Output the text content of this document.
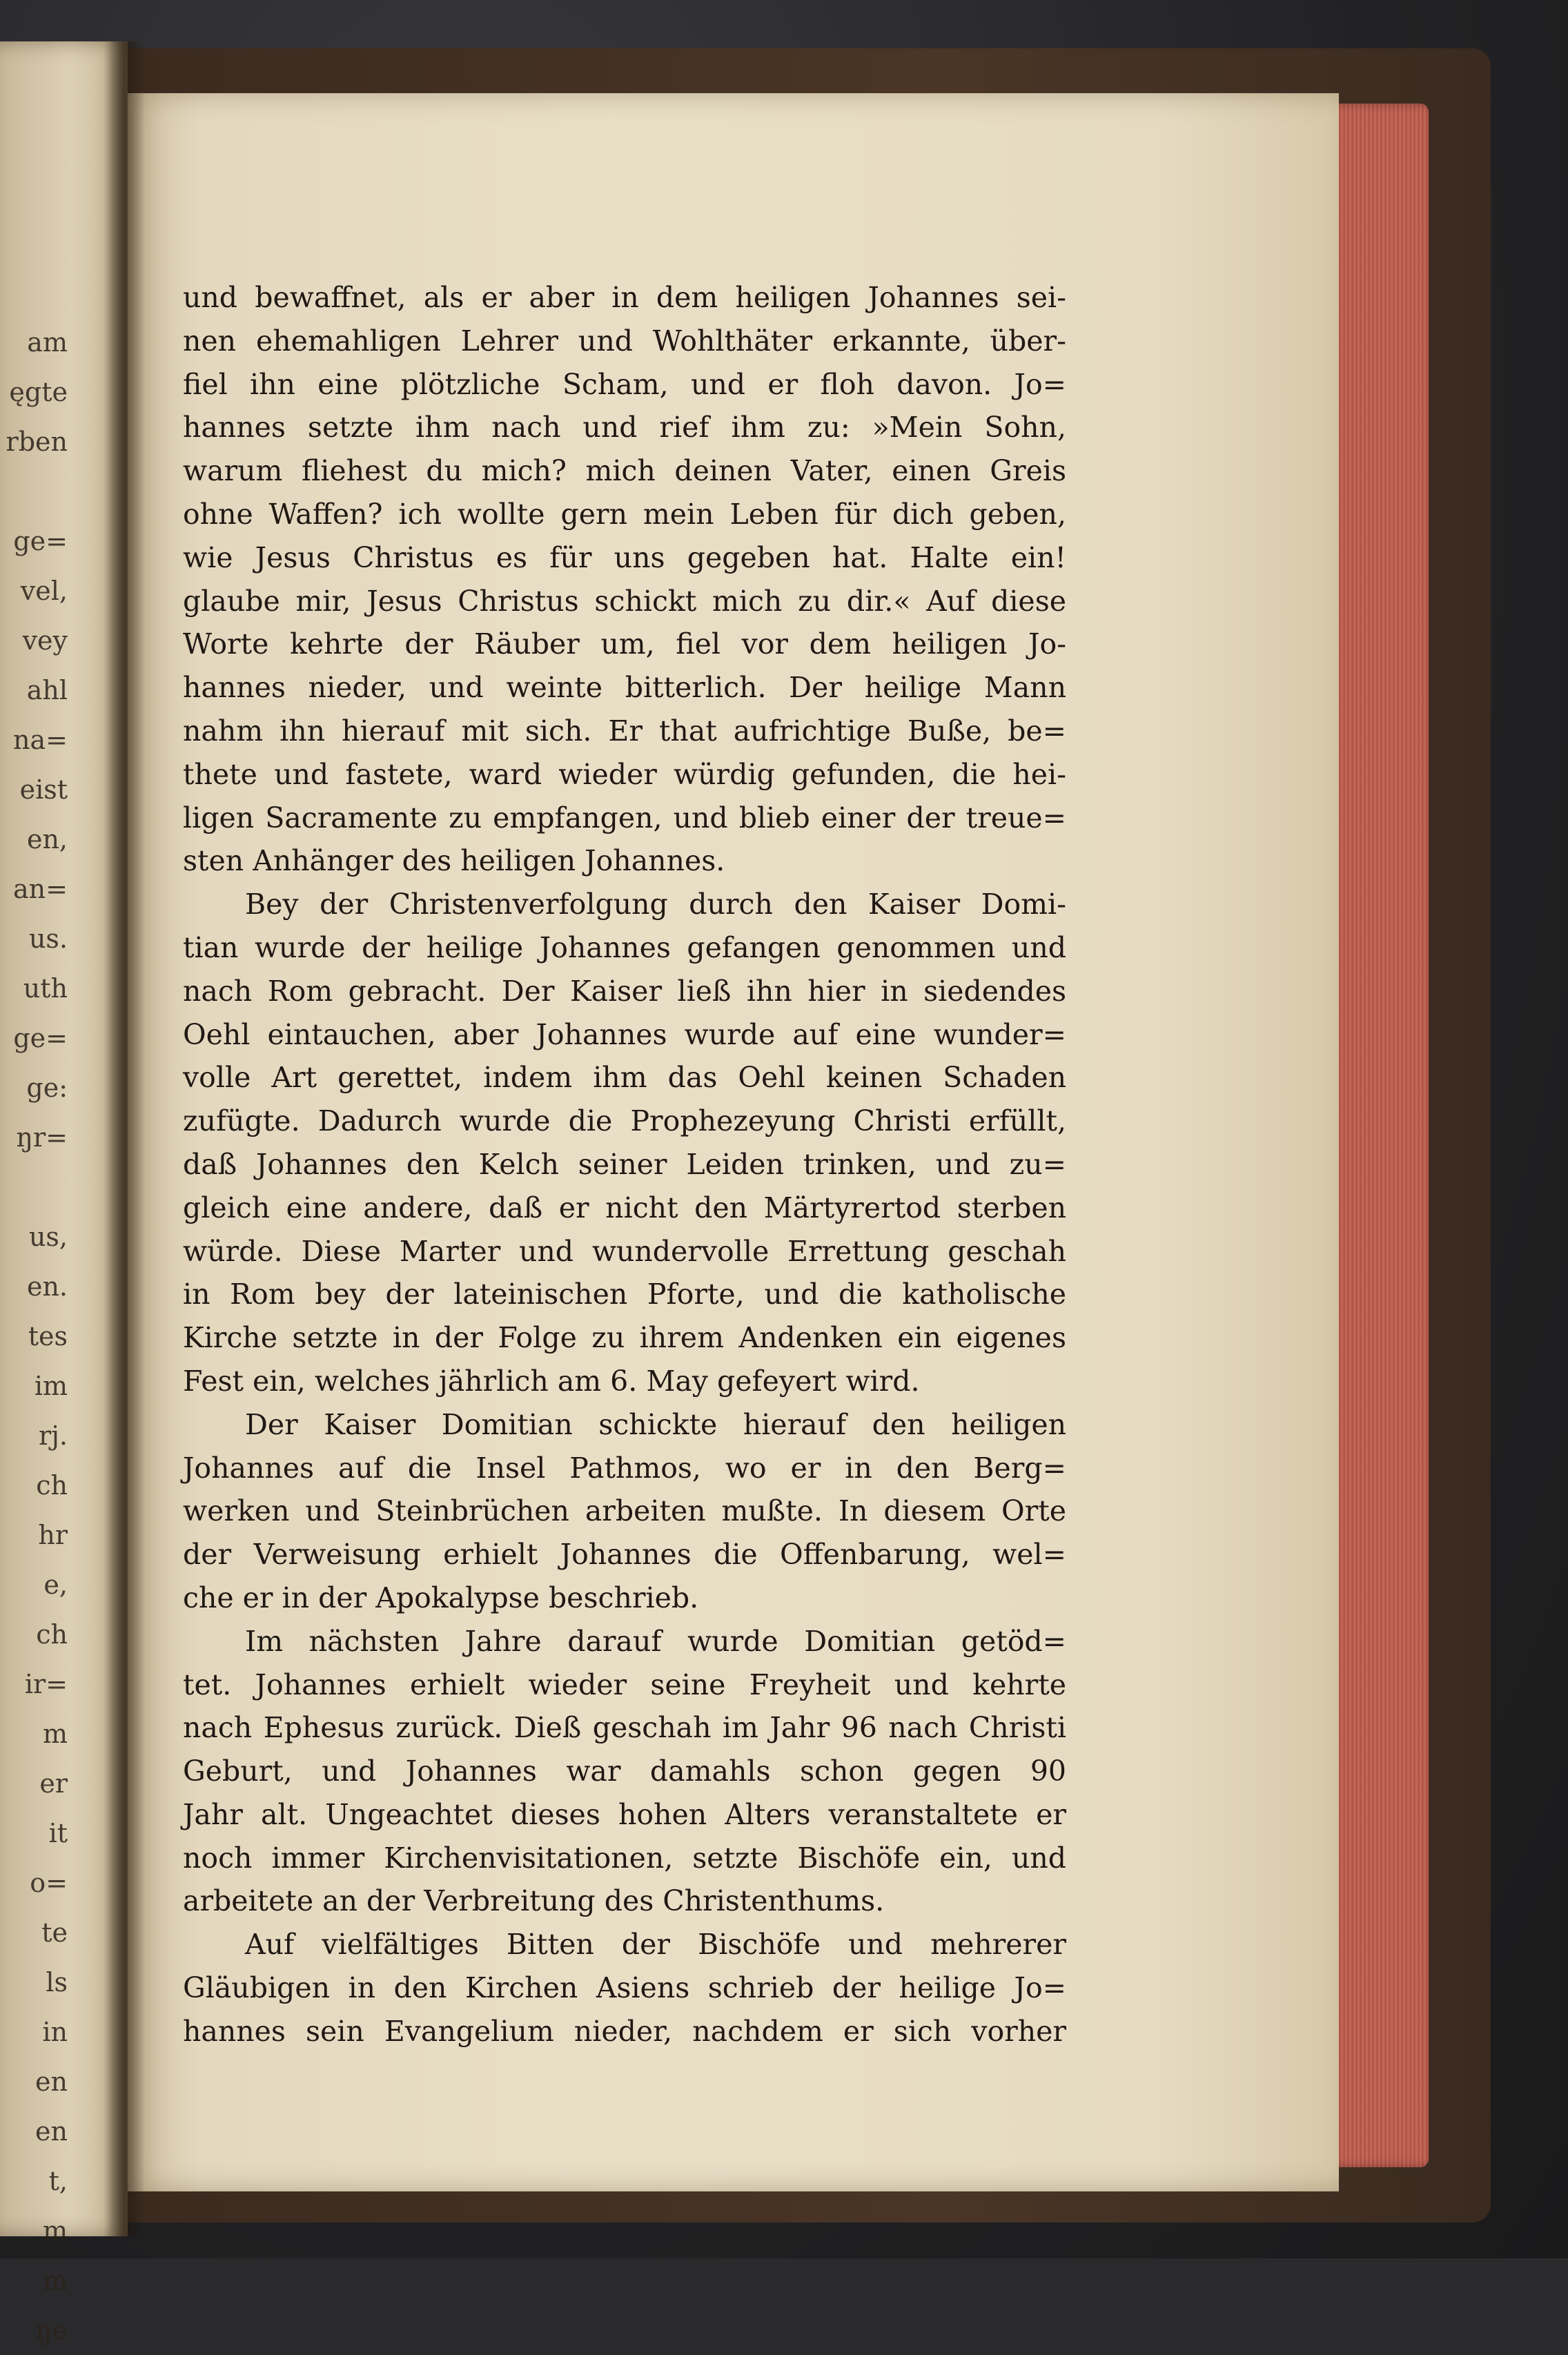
am
ęgte
rben

ge=
vel,
vey
ahl
na=
eist
en,
an=
us.
uth
ge=
ge:
ŋr=

us,
en.
tes
im
rj.
ch
hr
e,
ch
ir=
m
er
it
o=
te
ls
in
en
en
t,
m
m
ŋe
und bewaffnet, als er aber in dem heiligen Johannes sei-
nen ehemahligen Lehrer und Wohlthäter erkannte, über-
fiel ihn eine plötzliche Scham, und er floh davon. Jo=
hannes setzte ihm nach und rief ihm zu: »Mein Sohn,
warum fliehest du mich? mich deinen Vater, einen Greis
ohne Waffen? ich wollte gern mein Leben für dich geben,
wie Jesus Christus es für uns gegeben hat. Halte ein!
glaube mir, Jesus Christus schickt mich zu dir.« Auf diese
Worte kehrte der Räuber um, fiel vor dem heiligen Jo-
hannes nieder, und weinte bitterlich. Der heilige Mann
nahm ihn hierauf mit sich. Er that aufrichtige Buße, be=
thete und fastete, ward wieder würdig gefunden, die hei-
ligen Sacramente zu empfangen, und blieb einer der treue=
sten Anhänger des heiligen Johannes.
Bey der Christenverfolgung durch den Kaiser Domi-
tian wurde der heilige Johannes gefangen genommen und
nach Rom gebracht. Der Kaiser ließ ihn hier in siedendes
Oehl eintauchen, aber Johannes wurde auf eine wunder=
volle Art gerettet, indem ihm das Oehl keinen Schaden
zufügte. Dadurch wurde die Prophezeyung Christi erfüllt,
daß Johannes den Kelch seiner Leiden trinken, und zu=
gleich eine andere, daß er nicht den Märtyrertod sterben
würde. Diese Marter und wundervolle Errettung geschah
in Rom bey der lateinischen Pforte, und die katholische
Kirche setzte in der Folge zu ihrem Andenken ein eigenes
Fest ein, welches jährlich am 6. May gefeyert wird.
Der Kaiser Domitian schickte hierauf den heiligen
Johannes auf die Insel Pathmos, wo er in den Berg=
werken und Steinbrüchen arbeiten mußte. In diesem Orte
der Verweisung erhielt Johannes die Offenbarung, wel=
che er in der Apokalypse beschrieb.
Im nächsten Jahre darauf wurde Domitian getöd=
tet. Johannes erhielt wieder seine Freyheit und kehrte
nach Ephesus zurück. Dieß geschah im Jahr 96 nach Christi
Geburt, und Johannes war damahls schon gegen 90
Jahr alt. Ungeachtet dieses hohen Alters veranstaltete er
noch immer Kirchenvisitationen, setzte Bischöfe ein, und
arbeitete an der Verbreitung des Christenthums.
Auf vielfältiges Bitten der Bischöfe und mehrerer
Gläubigen in den Kirchen Asiens schrieb der heilige Jo=
hannes sein Evangelium nieder, nachdem er sich vorher
